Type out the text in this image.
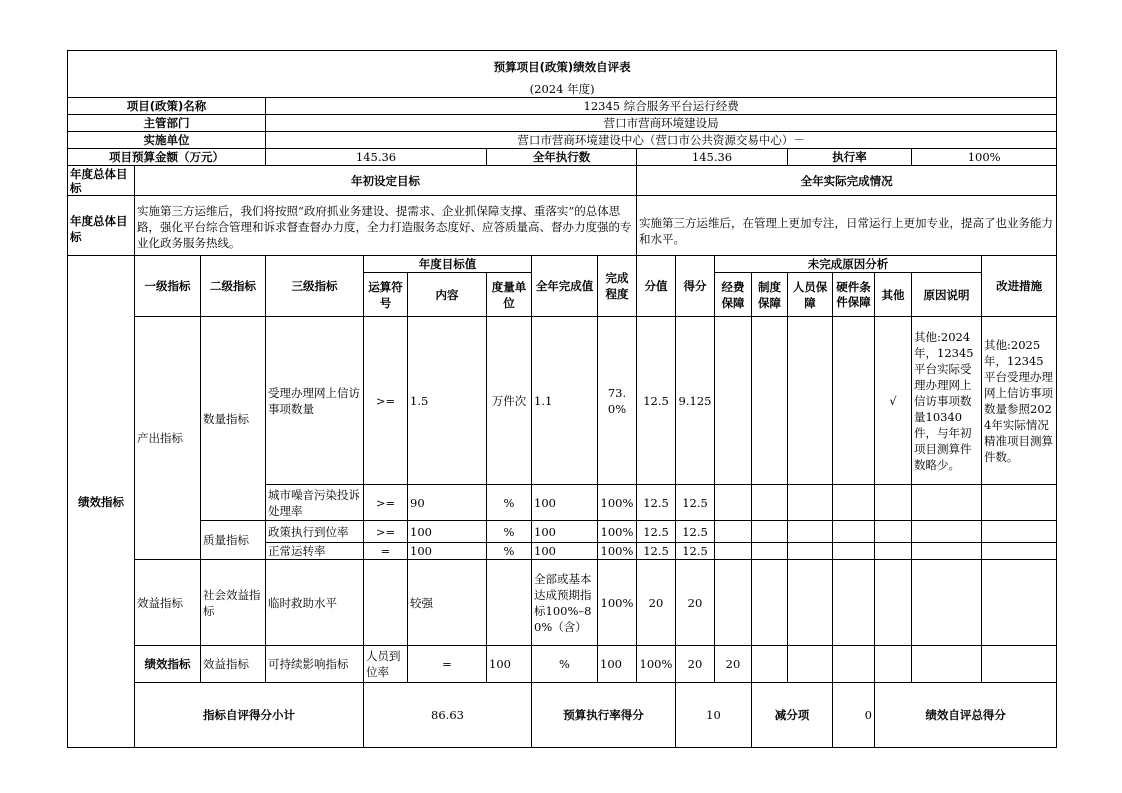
预算项目(政策)绩效自评表																		
(2024 年度)																		
项目(政策)名称			12345 综合服务平台运行经费															
主管部门			营口市营商环境建设局															
实施单位			营口市营商环境建设中心（营口市公共资源交易中心）－															
项目预算金额（万元）			145.36			全年执行数			145.36				执行率			100%		
年度总体目标	年初设定目标								全年实际完成情况									
年度总体目标	实施第三方运维后，我们将按照“政府抓业务建设、提需求、企业抓保障支撑、重落实”的总体思路，强化平台综合管理和诉求督查督办力度，全力打造服务态度好、应答质量高、督办力度强的专业化政务服务热线。								实施第三方运维后，在管理上更加专注，日常运行上更加专业，提高了也业务能力和水平。									
绩效指标	一级指标	二级指标	三级指标	年度目标值			全年完成值	完成程度	分值	得分	未完成原因分析						改进措施	
				运算符号	内容	度量单位					经费保障	制度保障	人员保障	硬件条件保障	其他	原因说明		
	产出指标	数量指标	受理办理网上信访事项数量	>=	1.5	万件次	1.1	73.0%	12.5	9.125					√	其他:2024年，12345平台实际受理办理网上信访事项数量10340件，与年初项目测算件数略少。	其他:2025年，12345平台受理办理网上信访事项数量参照2024年实际情况精准项目测算件数。	
			城市噪音污染投诉处理率	>=	90	%	100	100%	12.5	12.5								
		质量指标	政策执行到位率	>=	100	%	100	100%	12.5	12.5								
			正常运转率	=	100	%	100	100%	12.5	12.5								
	效益指标	社会效益指标	临时救助水平		较强		全部或基本达成预期指标100%–80%（含）	100%	20	20								
	绩效指标	效益指标	可持续影响指标	人员到位率	=	100	%	100	100%	20	20							
	指标自评得分小计			86.63			预算执行率得分			10		减分项		0	绩效自评总得分	
